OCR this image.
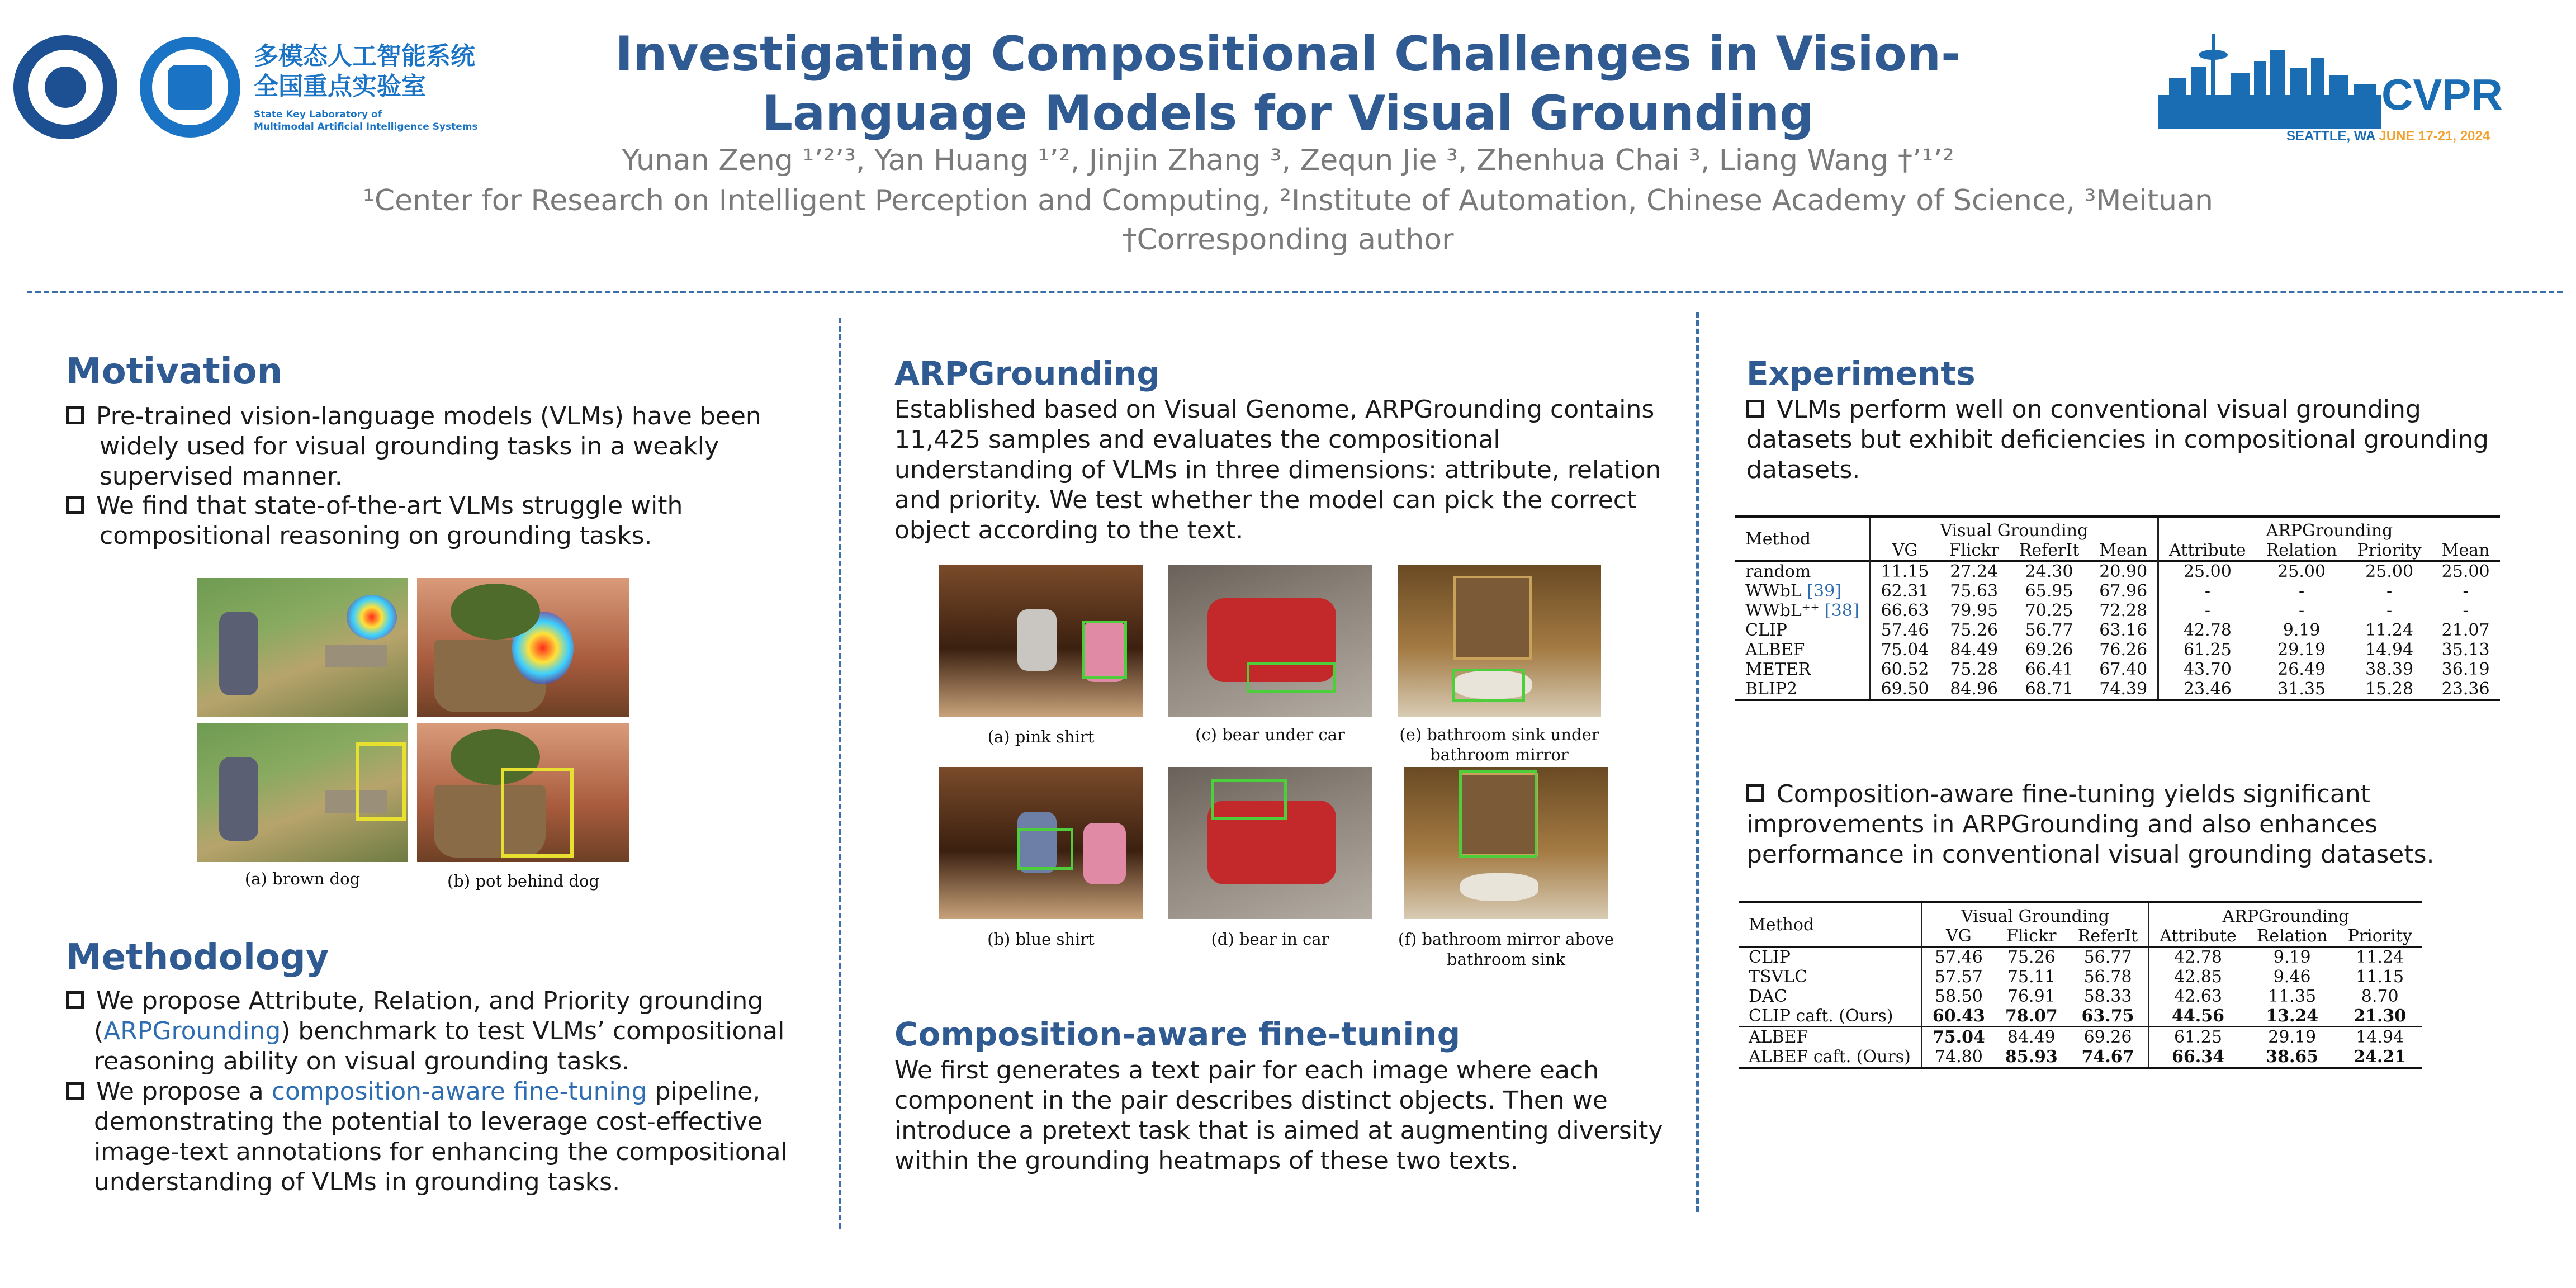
多模态人工智能系统
全国重点实验室
State Key Laboratory of
Multimodal Artificial Intelligence Systems
Investigating Compositional Challenges in Vision-
Language Models for Visual Grounding
Yunan Zeng ¹ʼ²ʼ³, Yan Huang ¹ʼ², Jinjin Zhang ³, Zequn Jie ³, Zhenhua Chai ³, Liang Wang †ʼ¹ʼ²
¹Center for Research on Intelligent Perception and Computing, ²Institute of Automation, Chinese Academy of Science, ³Meituan
†Corresponding author
CVPR
SEATTLE, WA JUNE 17-21, 2024
Motivation
Pre-trained vision-language models (VLMs) have been
widely used for visual grounding tasks in a weakly
supervised manner.
We find that state-of-the-art VLMs struggle with
compositional reasoning on grounding tasks.
(a) brown dog	(b) pot behind dog
Methodology
We propose Attribute, Relation, and Priority grounding
(ARPGrounding) benchmark to test VLMs’ compositional
reasoning ability on visual grounding tasks.
We propose a composition-aware fine-tuning pipeline,
demonstrating the potential to leverage cost-effective
image-text annotations for enhancing the compositional
understanding of VLMs in grounding tasks.
ARPGrounding
Established based on Visual Genome, ARPGrounding contains
11,425 samples and evaluates the compositional
understanding of VLMs in three dimensions: attribute, relation
and priority. We test whether the model can pick the correct
object according to the text.
(a) pink shirt	(c) bear under car	(e) bathroom sink under
bathroom mirror
(b) blue shirt	(d) bear in car	(f) bathroom mirror above
bathroom sink
Composition-aware fine-tuning
We first generates a text pair for each image where each
component in the pair describes distinct objects. Then we
introduce a pretext task that is aimed at augmenting diversity
within the grounding heatmaps of these two texts.
Experiments
VLMs perform well on conventional visual grounding
datasets but exhibit deficiencies in compositional grounding
datasets.
Method	Visual Grounding				ARPGrounding			
	VG	Flickr	ReferIt	Mean	Attribute	Relation	Priority	Mean
random	11.15	27.24	24.30	20.90	25.00	25.00	25.00	25.00
WWbL [39]	62.31	75.63	65.95	67.96	-	-	-	-
WWbL⁺⁺ [38]	66.63	79.95	70.25	72.28	-	-	-	-
CLIP	57.46	75.26	56.77	63.16	42.78	9.19	11.24	21.07
ALBEF	75.04	84.49	69.26	76.26	61.25	29.19	14.94	35.13
METER	60.52	75.28	66.41	67.40	43.70	26.49	38.39	36.19
BLIP2	69.50	84.96	68.71	74.39	23.46	31.35	15.28	23.36
Composition-aware fine-tuning yields significant
improvements in ARPGrounding and also enhances
performance in conventional visual grounding datasets.
Method	Visual Grounding			ARPGrounding		
	VG	Flickr	ReferIt	Attribute	Relation	Priority
CLIP	57.46	75.26	56.77	42.78	9.19	11.24
TSVLC	57.57	75.11	56.78	42.85	9.46	11.15
DAC	58.50	76.91	58.33	42.63	11.35	8.70
CLIP caft. (Ours)	60.43	78.07	63.75	44.56	13.24	21.30
ALBEF	75.04	84.49	69.26	61.25	29.19	14.94
ALBEF caft. (Ours)	74.80	85.93	74.67	66.34	38.65	24.21
